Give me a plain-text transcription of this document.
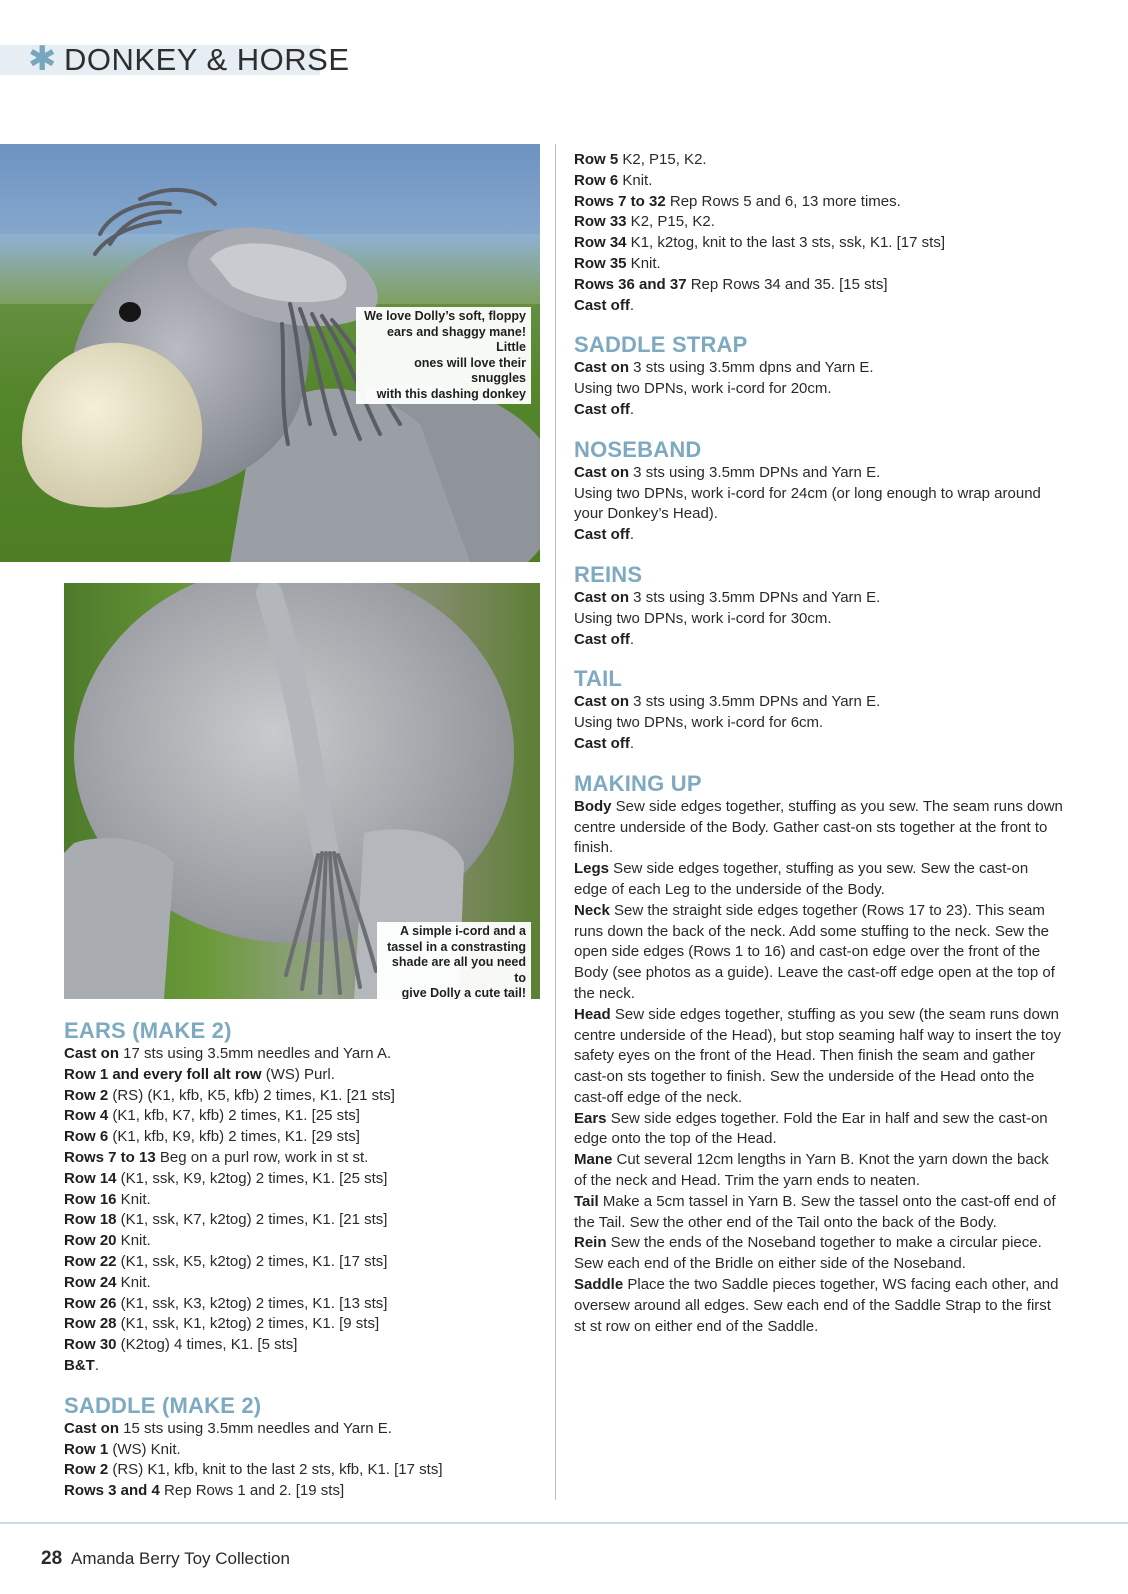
✱ DONKEY & HORSE
We love Dolly’s soft, floppy
ears and shaggy mane! Little
ones will love their snuggles
with this dashing donkey
A simple i-cord and a
tassel in a constrasting
shade are all you need to
give Dolly a cute tail!
EARS (MAKE 2)

Cast on 17 sts using 3.5mm needles and Yarn A.

Row 1 and every foll alt row (WS) Purl.

Row 2 (RS) (K1, kfb, K5, kfb) 2 times, K1. [21 sts]

Row 4 (K1, kfb, K7, kfb) 2 times, K1. [25 sts]

Row 6 (K1, kfb, K9, kfb) 2 times, K1. [29 sts]

Rows 7 to 13 Beg on a purl row, work in st st.

Row 14 (K1, ssk, K9, k2tog) 2 times, K1. [25 sts]

Row 16 Knit.

Row 18 (K1, ssk, K7, k2tog) 2 times, K1. [21 sts]

Row 20 Knit.

Row 22 (K1, ssk, K5, k2tog) 2 times, K1. [17 sts]

Row 24 Knit.

Row 26 (K1, ssk, K3, k2tog) 2 times, K1. [13 sts]

Row 28 (K1, ssk, K1, k2tog) 2 times, K1. [9 sts]

Row 30 (K2tog) 4 times, K1. [5 sts]

B&T.

SADDLE (MAKE 2)

Cast on 15 sts using 3.5mm needles and Yarn E.

Row 1 (WS) Knit.

Row 2 (RS) K1, kfb, knit to the last 2 sts, kfb, K1. [17 sts]

Rows 3 and 4 Rep Rows 1 and 2. [19 sts]

Row 5 K2, P15, K2.

Row 6 Knit.

Rows 7 to 32 Rep Rows 5 and 6, 13 more times.

Row 33 K2, P15, K2.

Row 34 K1, k2tog, knit to the last 3 sts, ssk, K1. [17 sts]

Row 35 Knit.

Rows 36 and 37 Rep Rows 34 and 35. [15 sts]

Cast off.

SADDLE STRAP

Cast on 3 sts using 3.5mm dpns and Yarn E.

Using two DPNs, work i-cord for 20cm.

Cast off.

NOSEBAND

Cast on 3 sts using 3.5mm DPNs and Yarn E.

Using two DPNs, work i-cord for 24cm (or long enough to wrap around your Donkey’s Head).

Cast off.

REINS

Cast on 3 sts using 3.5mm DPNs and Yarn E.

Using two DPNs, work i-cord for 30cm.

Cast off.

TAIL

Cast on 3 sts using 3.5mm DPNs and Yarn E.

Using two DPNs, work i-cord for 6cm.

Cast off.

MAKING UP

Body Sew side edges together, stuffing as you sew. The seam runs down centre underside of the Body. Gather cast-on sts together at the front to finish.

Legs Sew side edges together, stuffing as you sew. Sew the cast-on edge of each Leg to the underside of the Body.

Neck Sew the straight side edges together (Rows 17 to 23). This seam runs down the back of the neck. Add some stuffing to the neck. Sew the open side edges (Rows 1 to 16) and cast-on edge over the front of the Body (see photos as a guide). Leave the cast-off edge open at the top of the neck.

Head Sew side edges together, stuffing as you sew (the seam runs down centre underside of the Head), but stop seaming half way to insert the toy safety eyes on the front of the Head. Then finish the seam and gather cast-on sts together to finish. Sew the underside of the Head onto the cast-off edge of the neck.

Ears Sew side edges together. Fold the Ear in half and sew the cast-on edge onto the top of the Head.

Mane Cut several 12cm lengths in Yarn B. Knot the yarn down the back of the neck and Head. Trim the yarn ends to neaten.

Tail Make a 5cm tassel in Yarn B. Sew the tassel onto the cast-off end of the Tail. Sew the other end of the Tail onto the back of the Body.

Rein Sew the ends of the Noseband together to make a circular piece. Sew each end of the Bridle on either side of the Noseband.

Saddle Place the two Saddle pieces together, WS facing each other, and oversew around all edges. Sew each end of the Saddle Strap to the first st st row on either end of the Saddle.

28 Amanda Berry Toy Collection
